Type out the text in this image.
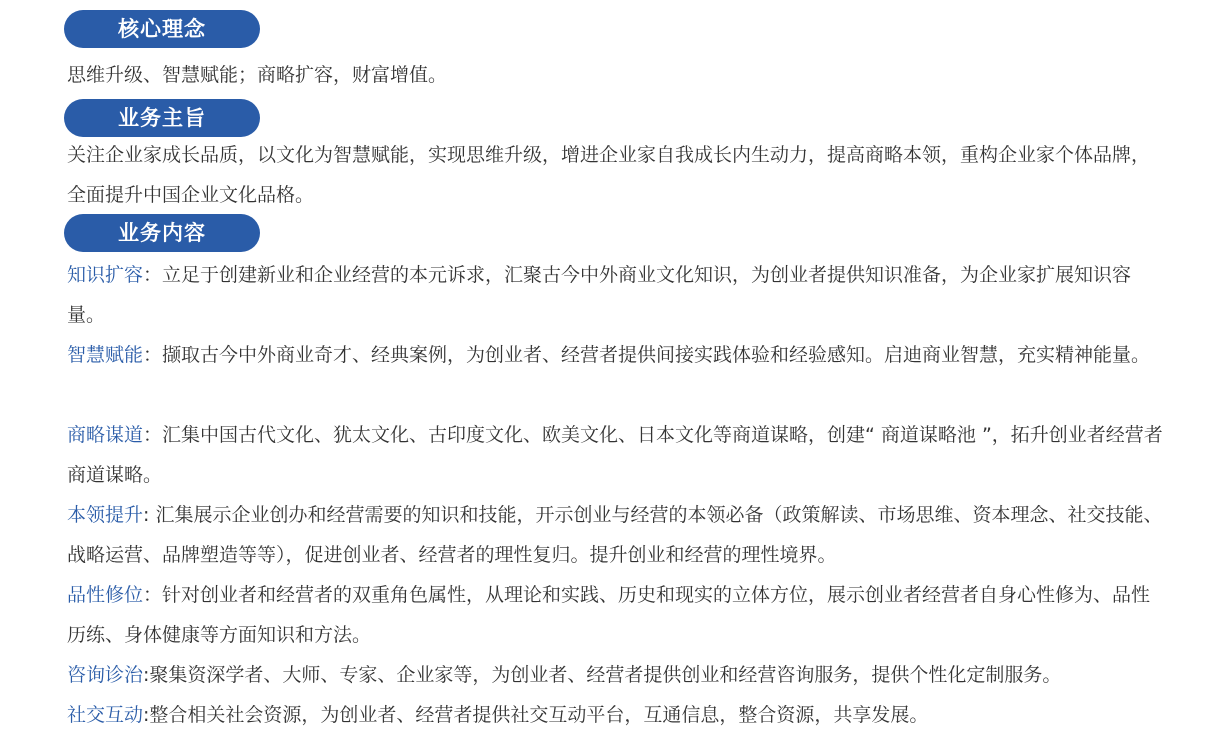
核心理念

思维升级、智慧赋能；商略扩容，财富增值。

业务主旨

关注企业家成长品质，以文化为智慧赋能，实现思维升级，增进企业家自我成长内生动力，提高商略本领，重构企业家个体品牌，全面提升中国企业文化品格。

业务内容

知识扩容：立足于创建新业和企业经营的本元诉求，汇聚古今中外商业文化知识，为创业者提供知识准备，为企业家扩展知识容量。

智慧赋能：撷取古今中外商业奇才、经典案例，为创业者、经营者提供间接实践体验和经验感知。启迪商业智慧，充实精神能量。

商略谋道：汇集中国古代文化、犹太文化、古印度文化、欧美文化、日本文化等商道谋略，创建“ 商道谋略池 ”，拓升创业者经营者商道谋略。

本领提升: 汇集展示企业创办和经营需要的知识和技能，开示创业与经营的本领必备（政策解读、市场思维、资本理念、社交技能、战略运营、品牌塑造等等），促进创业者、经营者的理性复归。提升创业和经营的理性境界。

品性修位：针对创业者和经营者的双重角色属性，从理论和实践、历史和现实的立体方位，展示创业者经营者自身心性修为、品性历练、身体健康等方面知识和方法。

咨询诊治:聚集资深学者、大师、专家、企业家等，为创业者、经营者提供创业和经营咨询服务，提供个性化定制服务。

社交互动:整合相关社会资源，为创业者、经营者提供社交互动平台，互通信息，整合资源，共享发展。
